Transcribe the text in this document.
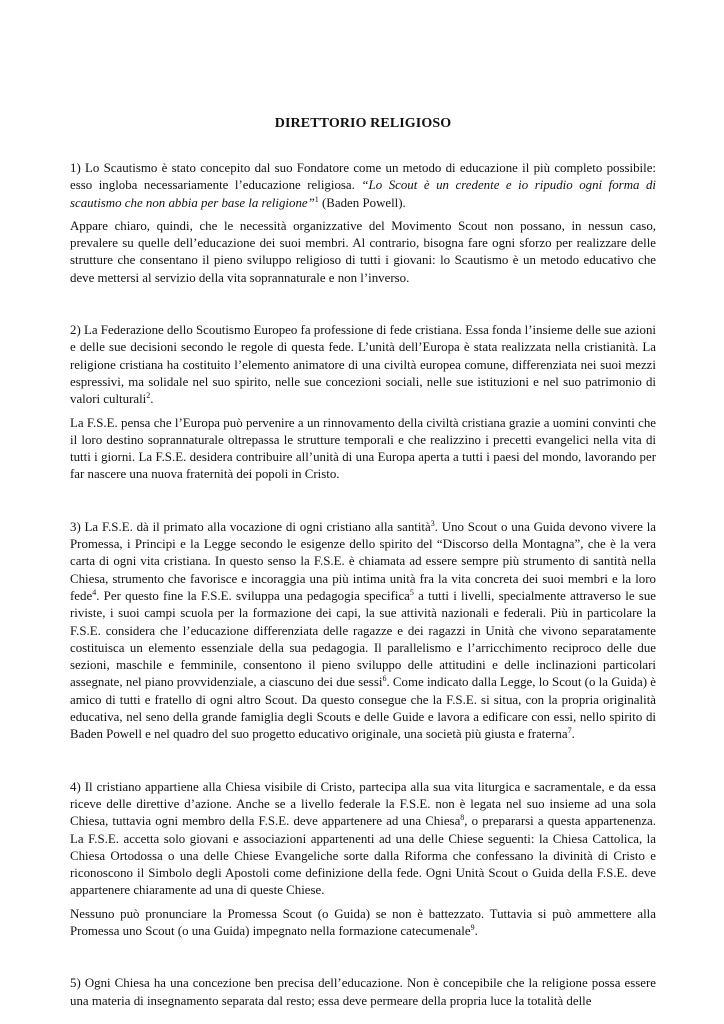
DIRETTORIO RELIGIOSO

1) Lo Scautismo è stato concepito dal suo Fondatore come un metodo di educazione il più completo possibile: esso ingloba necessariamente l’educazione religiosa. “Lo Scout è un credente e io ripudio ogni forma di scautismo che non abbia per base la religione”$^1$ (Baden Powell).

Appare chiaro, quindi, che le necessità organizzative del Movimento Scout non possano, in nessun caso, prevalere su quelle dell’educazione dei suoi membri. Al contrario, bisogna fare ogni sforzo per realizzare delle strutture che consentano il pieno sviluppo religioso di tutti i giovani: lo Scautismo è un metodo educativo che deve mettersi al servizio della vita soprannaturale e non l’inverso.

2) La Federazione dello Scoutismo Europeo fa professione di fede cristiana. Essa fonda l’insieme delle sue azioni e delle sue decisioni secondo le regole di questa fede. L’unità dell’Europa è stata realizzata nella cristianità. La religione cristiana ha costituito l’elemento animatore di una civiltà europea comune, differenziata nei suoi mezzi espressivi, ma solidale nel suo spirito, nelle sue concezioni sociali, nelle sue istituzioni e nel suo patrimonio di valori culturali$^2$.

La F.S.E. pensa che l’Europa può pervenire a un rinnovamento della civiltà cristiana grazie a uomini convinti che il loro destino soprannaturale oltrepassa le strutture temporali e che realizzino i precetti evangelici nella vita di tutti i giorni. La F.S.E. desidera contribuire all’unità di una Europa aperta a tutti i paesi del mondo, lavorando per far nascere una nuova fraternità dei popoli in Cristo.

3) La F.S.E. dà il primato alla vocazione di ogni cristiano alla santità$^3$. Uno Scout o una Guida devono vivere la Promessa, i Principi e la Legge secondo le esigenze dello spirito del “Discorso della Montagna”, che è la vera carta di ogni vita cristiana. In questo senso la F.S.E. è chiamata ad essere sempre più strumento di santità nella Chiesa, strumento che favorisce e incoraggia una più intima unità fra la vita concreta dei suoi membri e la loro fede$^4$. Per questo fine la F.S.E. sviluppa una pedagogia specifica$^5$ a tutti i livelli, specialmente attraverso le sue riviste, i suoi campi scuola per la formazione dei capi, la sue attività nazionali e federali. Più in particolare la F.S.E. considera che l’educazione differenziata delle ragazze e dei ragazzi in Unità che vivono separatamente costituisca un elemento essenziale della sua pedagogia. Il parallelismo e l’arricchimento reciproco delle due sezioni, maschile e femminile, consentono il pieno sviluppo delle attitudini e delle inclinazioni particolari assegnate, nel piano provvidenziale, a ciascuno dei due sessi$^6$. Come indicato dalla Legge, lo Scout (o la Guida) è amico di tutti e fratello di ogni altro Scout. Da questo consegue che la F.S.E. si situa, con la propria originalità educativa, nel seno della grande famiglia degli Scouts e delle Guide e lavora a edificare con essi, nello spirito di Baden Powell e nel quadro del suo progetto educativo originale, una società più giusta e fraterna$^7$.

4) Il cristiano appartiene alla Chiesa visibile di Cristo, partecipa alla sua vita liturgica e sacramentale, e da essa riceve delle direttive d’azione. Anche se a livello federale la F.S.E. non è legata nel suo insieme ad una sola Chiesa, tuttavia ogni membro della F.S.E. deve appartenere ad una Chiesa$^8$, o prepararsi a questa appartenenza. La F.S.E. accetta solo giovani e associazioni appartenenti ad una delle Chiese seguenti: la Chiesa Cattolica, la Chiesa Ortodossa o una delle Chiese Evangeliche sorte dalla Riforma che confessano la divinità di Cristo e riconoscono il Simbolo degli Apostoli come definizione della fede. Ogni Unità Scout o Guida della F.S.E. deve appartenere chiaramente ad una di queste Chiese.

Nessuno può pronunciare la Promessa Scout (o Guida) se non è battezzato. Tuttavia si può ammettere alla Promessa uno Scout (o una Guida) impegnato nella formazione catecumenale$^9$.

5) Ogni Chiesa ha una concezione ben precisa dell’educazione. Non è concepibile che la religione possa essere una materia di insegnamento separata dal resto; essa deve permeare della propria luce la totalità delle
